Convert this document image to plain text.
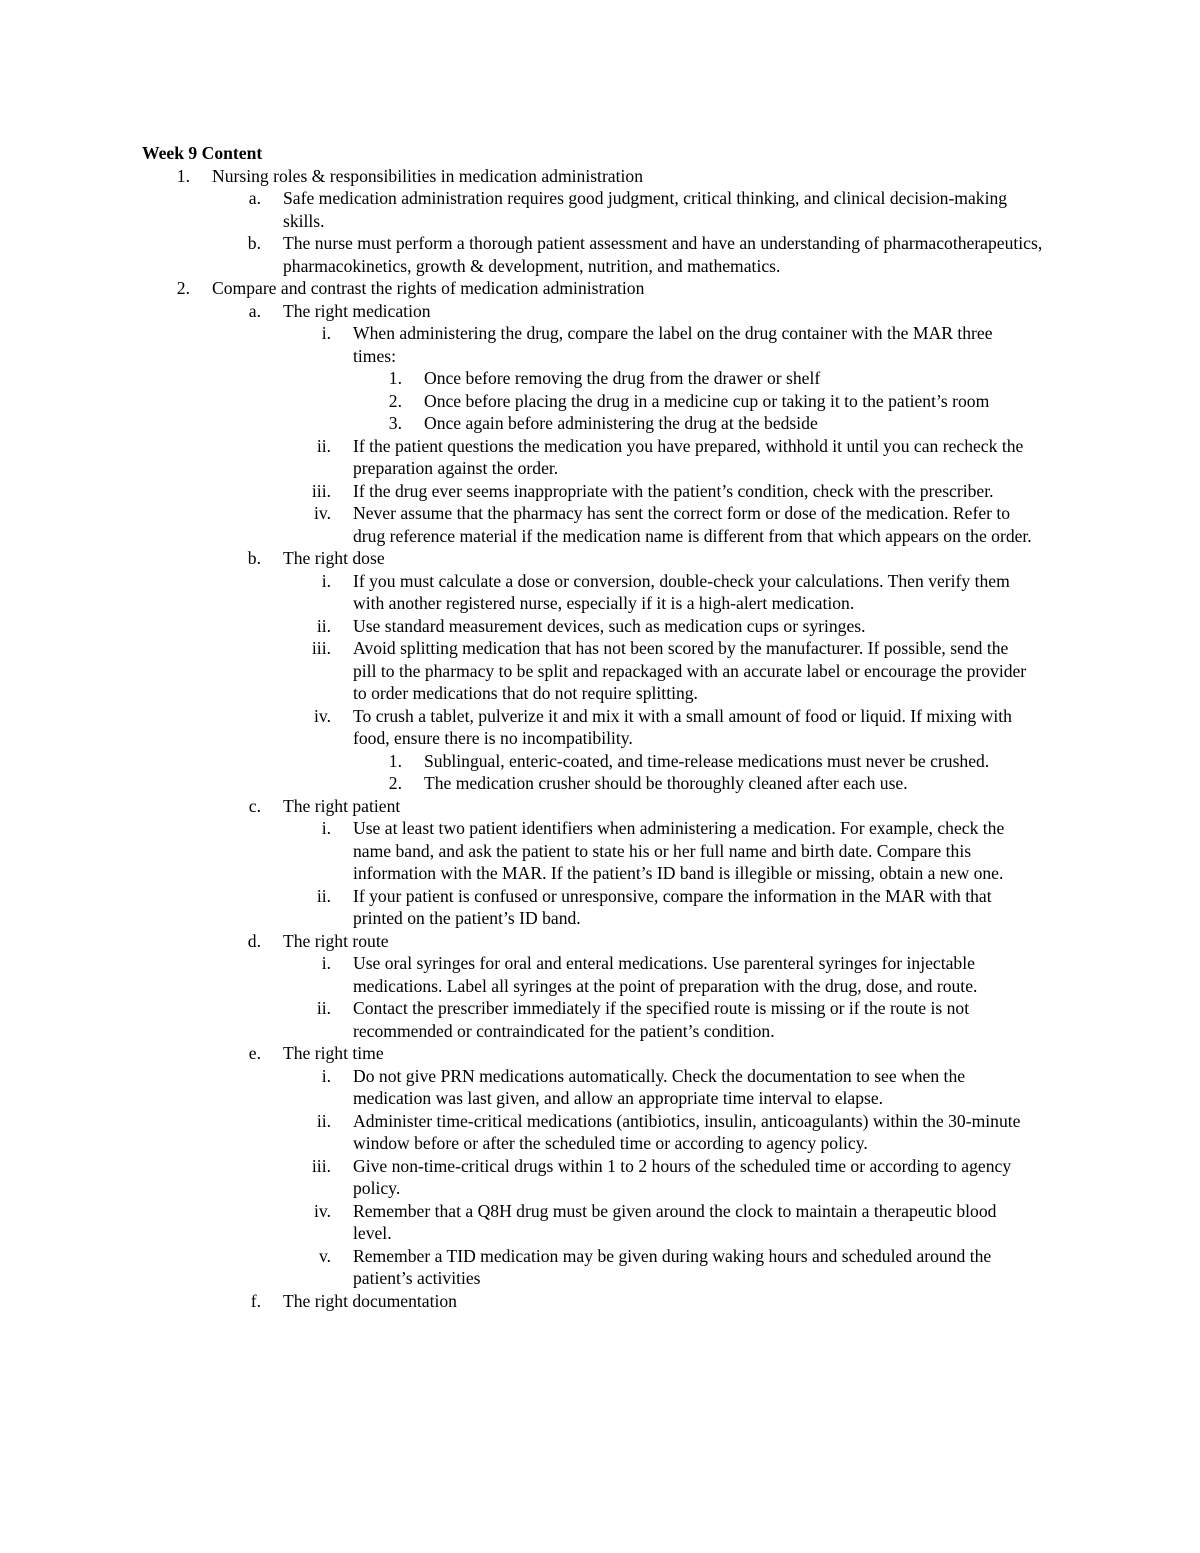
Week 9 Content
1. Nursing roles & responsibilities in medication administration
a. Safe medication administration requires good judgment, critical thinking, and clinical decision-making skills.
b. The nurse must perform a thorough patient assessment and have an understanding of pharmacotherapeutics, pharmacokinetics, growth & development, nutrition, and mathematics.
2. Compare and contrast the rights of medication administration
a. The right medication
i. When administering the drug, compare the label on the drug container with the MAR three times:
1. Once before removing the drug from the drawer or shelf
2. Once before placing the drug in a medicine cup or taking it to the patient’s room
3. Once again before administering the drug at the bedside
ii. If the patient questions the medication you have prepared, withhold it until you can recheck the preparation against the order.
iii. If the drug ever seems inappropriate with the patient’s condition, check with the prescriber.
iv. Never assume that the pharmacy has sent the correct form or dose of the medication. Refer to drug reference material if the medication name is different from that which appears on the order.
b. The right dose
i. If you must calculate a dose or conversion, double-check your calculations. Then verify them with another registered nurse, especially if it is a high-alert medication.
ii. Use standard measurement devices, such as medication cups or syringes.
iii. Avoid splitting medication that has not been scored by the manufacturer. If possible, send the pill to the pharmacy to be split and repackaged with an accurate label or encourage the provider to order medications that do not require splitting.
iv. To crush a tablet, pulverize it and mix it with a small amount of food or liquid. If mixing with food, ensure there is no incompatibility.
1. Sublingual, enteric-coated, and time-release medications must never be crushed.
2. The medication crusher should be thoroughly cleaned after each use.
c. The right patient
i. Use at least two patient identifiers when administering a medication. For example, check the name band, and ask the patient to state his or her full name and birth date. Compare this information with the MAR. If the patient’s ID band is illegible or missing, obtain a new one.
ii. If your patient is confused or unresponsive, compare the information in the MAR with that printed on the patient’s ID band.
d. The right route
i. Use oral syringes for oral and enteral medications. Use parenteral syringes for injectable medications. Label all syringes at the point of preparation with the drug, dose, and route.
ii. Contact the prescriber immediately if the specified route is missing or if the route is not recommended or contraindicated for the patient’s condition.
e. The right time
i. Do not give PRN medications automatically. Check the documentation to see when the medication was last given, and allow an appropriate time interval to elapse.
ii. Administer time-critical medications (antibiotics, insulin, anticoagulants) within the 30-minute window before or after the scheduled time or according to agency policy.
iii. Give non-time-critical drugs within 1 to 2 hours of the scheduled time or according to agency policy.
iv. Remember that a Q8H drug must be given around the clock to maintain a therapeutic blood level.
v. Remember a TID medication may be given during waking hours and scheduled around the patient’s activities
f. The right documentation
